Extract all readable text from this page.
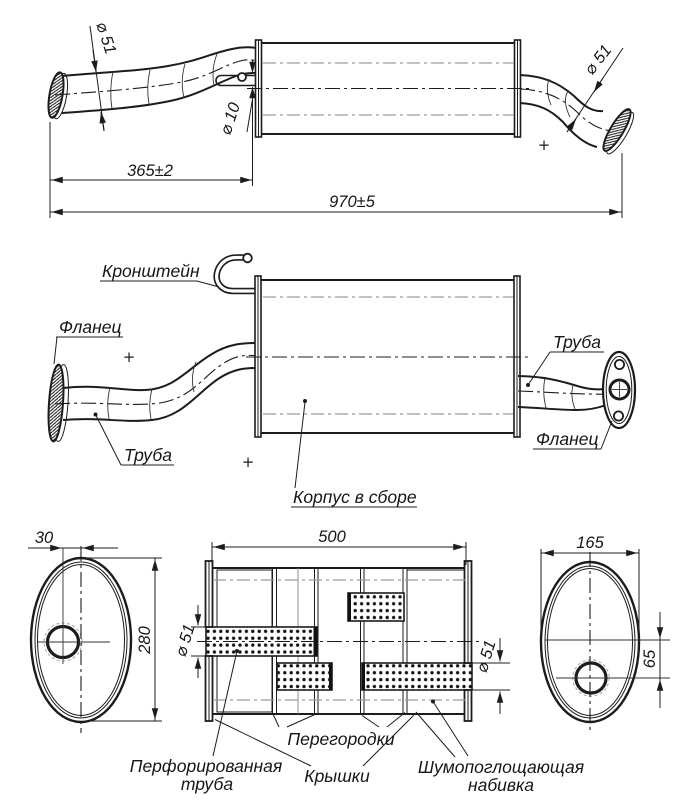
+
⌀ 51
⌀ 10
⌀ 51
365±2
970±5
+
+
Кронштейн
Фланец
Труба
Труба
Фланец
Корпус в сборе
500
⌀ 51	⌀ 51
Перфорированная
труба
Перегородки
Крышки	Шумопоглощающая
набивка
30
280
165
65
